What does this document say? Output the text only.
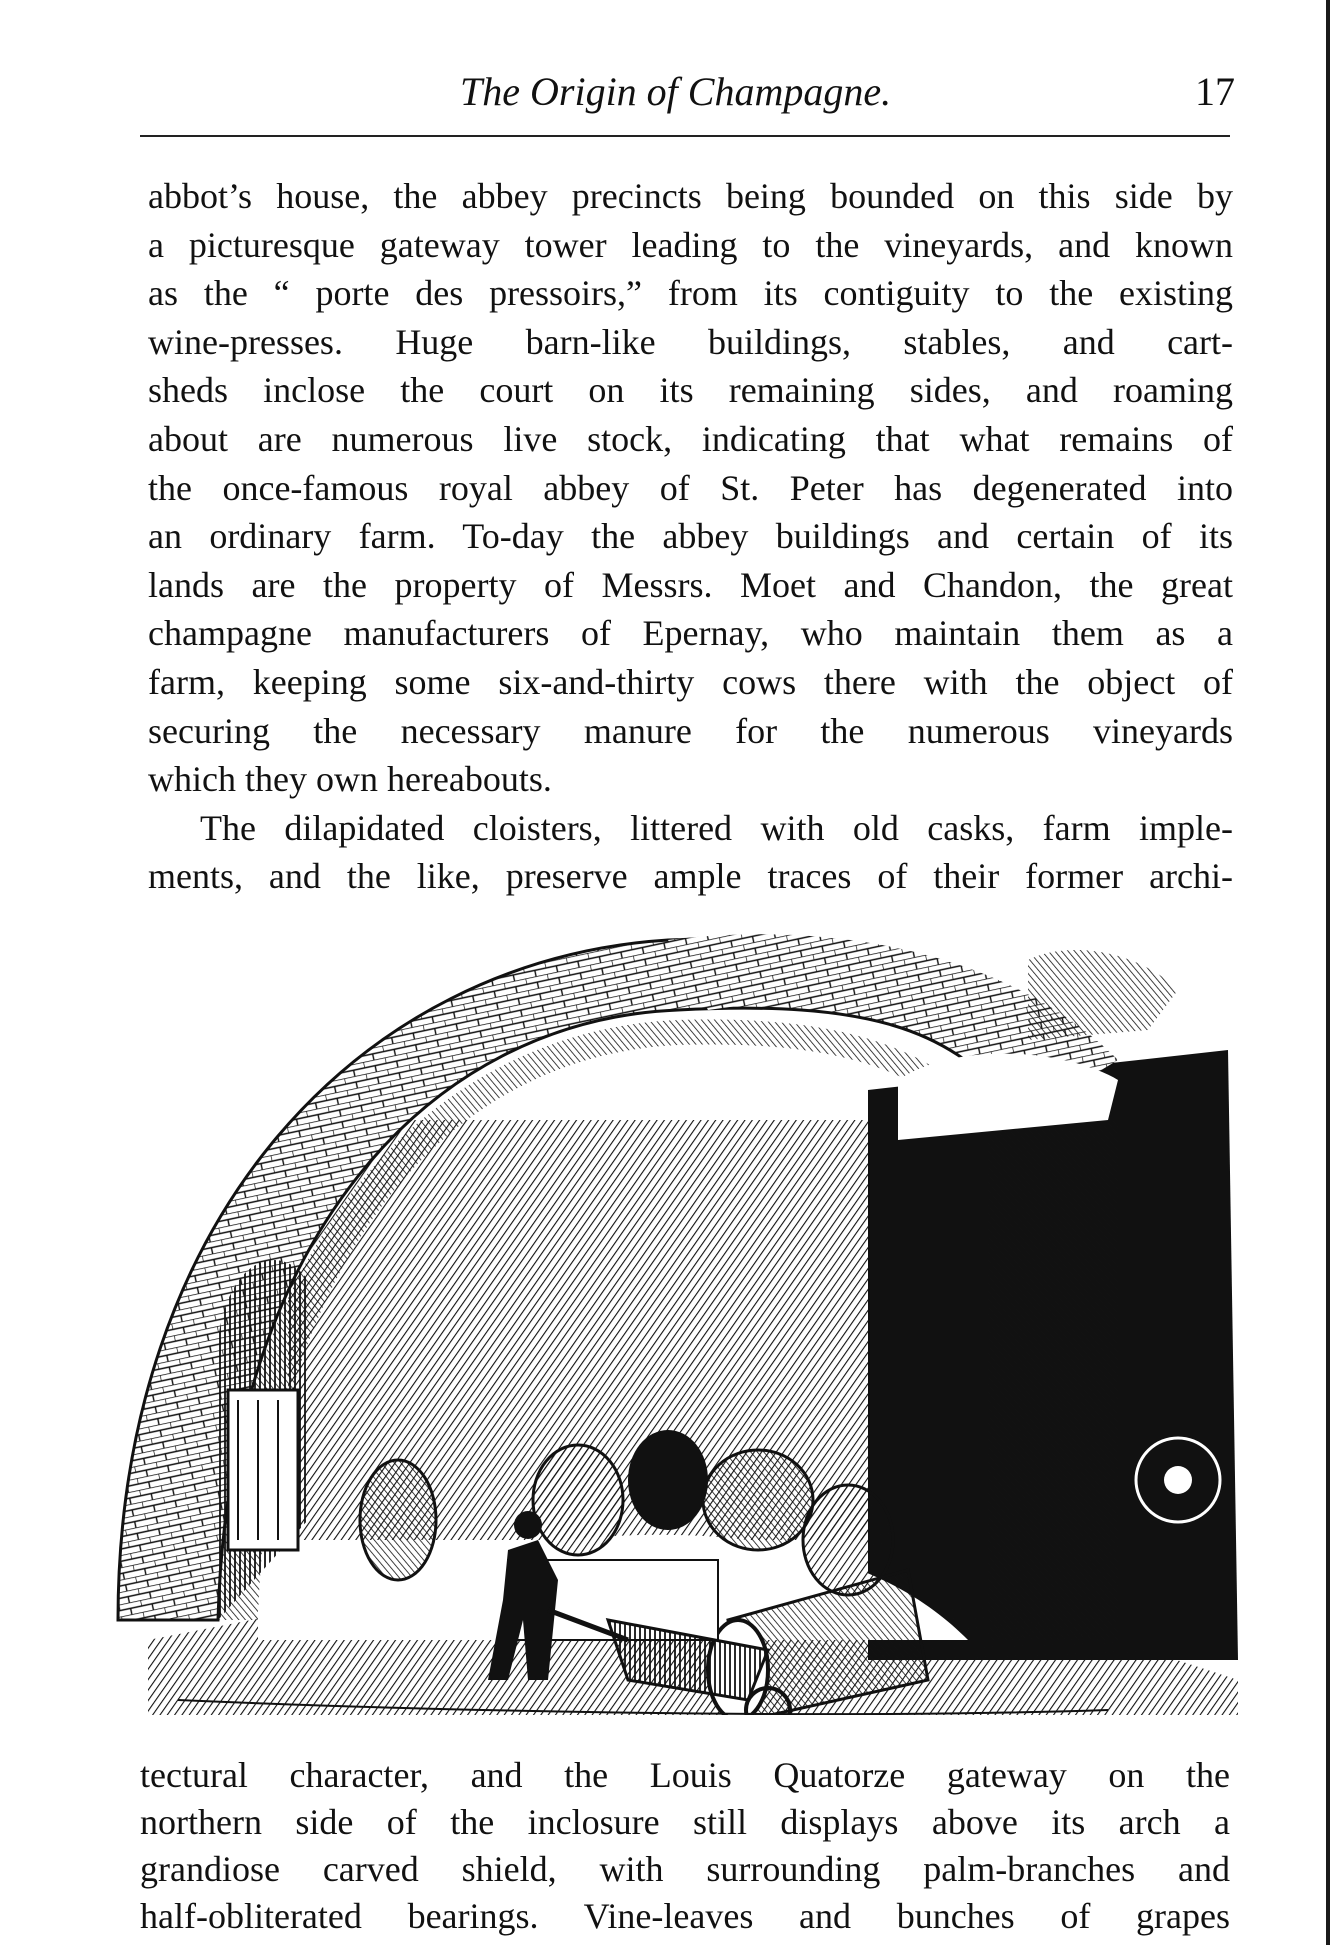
The Origin of Champagne.	17
abbot’s house, the abbey precincts being bounded on this side by
a picturesque gateway tower leading to the vineyards, and known
as the “ porte des pressoirs,” from its contiguity to the existing
wine-presses. Huge barn-like buildings, stables, and cart-
sheds inclose the court on its remaining sides, and roaming
about are numerous live stock, indicating that what remains of
the once-famous royal abbey of St. Peter has degenerated into
an ordinary farm. To-day the abbey buildings and certain of its
lands are the property of Messrs. Moet and Chandon, the great
champagne manufacturers of Epernay, who maintain them as a
farm, keeping some six-and-thirty cows there with the object of
securing the necessary manure for the numerous vineyards
which they own hereabouts.
The dilapidated cloisters, littered with old casks, farm imple-
ments, and the like, preserve ample traces of their former archi-
tectural character, and the Louis Quatorze gateway on the
northern side of the inclosure still displays above its arch a
grandiose carved shield, with surrounding palm-branches and
half-obliterated bearings. Vine-leaves and bunches of grapes
